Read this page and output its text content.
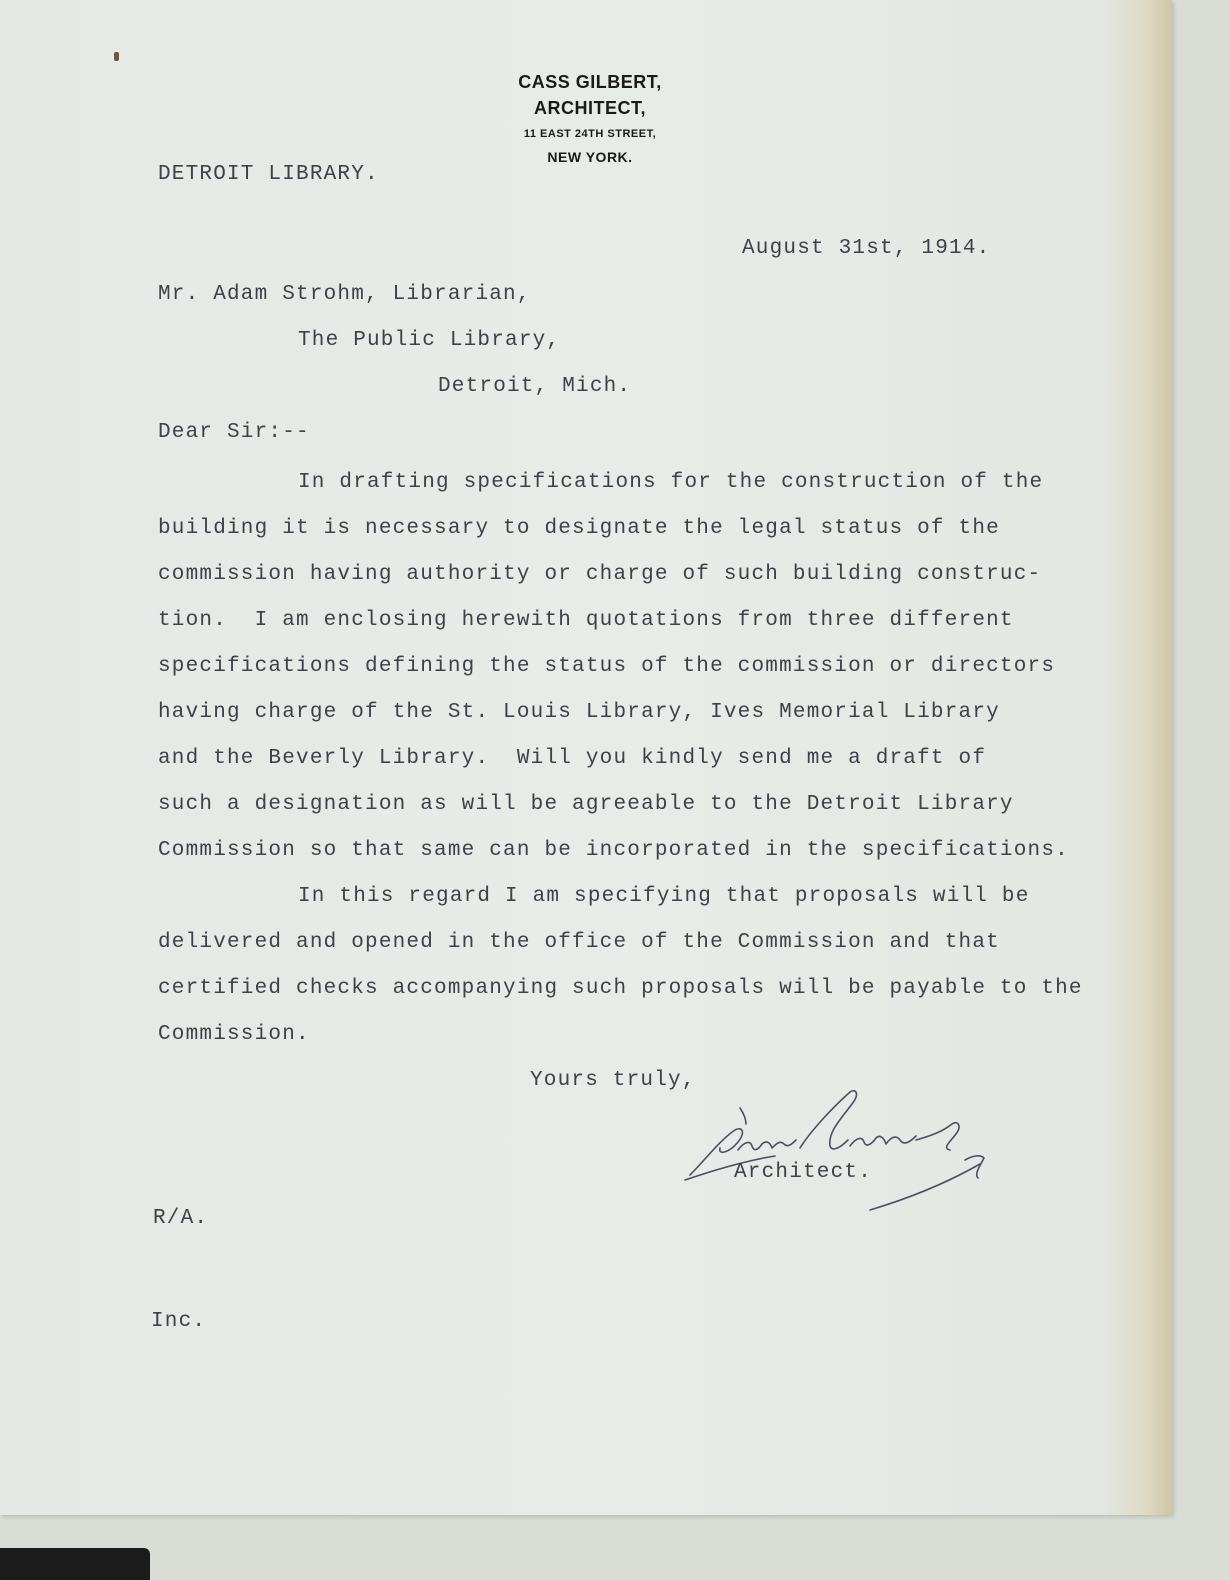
CASS GILBERT,
ARCHITECT,
11 EAST 24TH STREET,
NEW YORK.
DETROIT LIBRARY.
August 31st, 1914.
Mr. Adam Strohm, Librarian,
The Public Library,
Detroit, Mich.
Dear Sir:--
In drafting specifications for the construction of the
building it is necessary to designate the legal status of the
commission having authority or charge of such building construc-
tion.  I am enclosing herewith quotations from three different
specifications defining the status of the commission or directors
having charge of the St. Louis Library, Ives Memorial Library
and the Beverly Library.  Will you kindly send me a draft of
such a designation as will be agreeable to the Detroit Library
Commission so that same can be incorporated in the specifications.
In this regard I am specifying that proposals will be
delivered and opened in the office of the Commission and that
certified checks accompanying such proposals will be payable to the
Commission.
Yours truly,
Architect.
R/A.
Inc.
